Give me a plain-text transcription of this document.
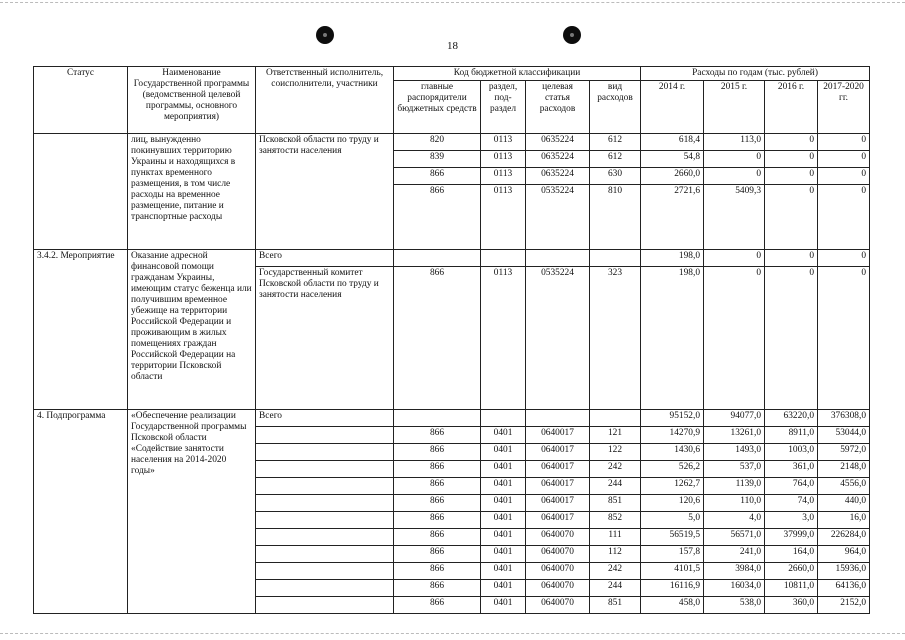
18
Статус	Наименование Государственной программы (ведомственной целевой программы, основного мероприятия)	Ответственный исполнитель, соисполнители, участники	Код бюджетной классификации				Расходы по годам (тыс. рублей)			
			главные распорядители бюджетных средств	раздел, под-раздел	целевая статья расходов	вид расходов	2014 г.	2015 г.	2016 г.	2017-2020 гг.
	лиц, вынужденно покинувших территорию Украины и находящихся в пунктах временного размещения, в том числе расходы на временное размещение, питание и транспортные расходы	Псковской области по труду и занятости населения	820	0113	0635224	612	618,4	113,0	0	0
			839	0113	0635224	612	54,8	0	0	0
			866	0113	0635224	630	2660,0	0	0	0
			866	0113	0535224	810	2721,6	5409,3	0	0
3.4.2. Мероприятие	Оказание адресной финансовой помощи гражданам Украины, имеющим статус беженца или получившим временное убежище на территории Российской Федерации и проживающим в жилых помещениях граждан Российской Федерации на территории Псковской области	Всего					198,0	0	0	0
		Государственный комитет Псковской области по труду и занятости населения	866	0113	0535224	323	198,0	0	0	0
4. Подпрограмма	«Обеспечение реализации Государственной программы Псковской области «Содействие занятости населения на 2014-2020 годы»	Всего					95152,0	94077,0	63220,0	376308,0
			866	0401	0640017	121	14270,9	13261,0	8911,0	53044,0
			866	0401	0640017	122	1430,6	1493,0	1003,0	5972,0
			866	0401	0640017	242	526,2	537,0	361,0	2148,0
			866	0401	0640017	244	1262,7	1139,0	764,0	4556,0
			866	0401	0640017	851	120,6	110,0	74,0	440,0
			866	0401	0640017	852	5,0	4,0	3,0	16,0
			866	0401	0640070	111	56519,5	56571,0	37999,0	226284,0
			866	0401	0640070	112	157,8	241,0	164,0	964,0
			866	0401	0640070	242	4101,5	3984,0	2660,0	15936,0
			866	0401	0640070	244	16116,9	16034,0	10811,0	64136,0
			866	0401	0640070	851	458,0	538,0	360,0	2152,0
